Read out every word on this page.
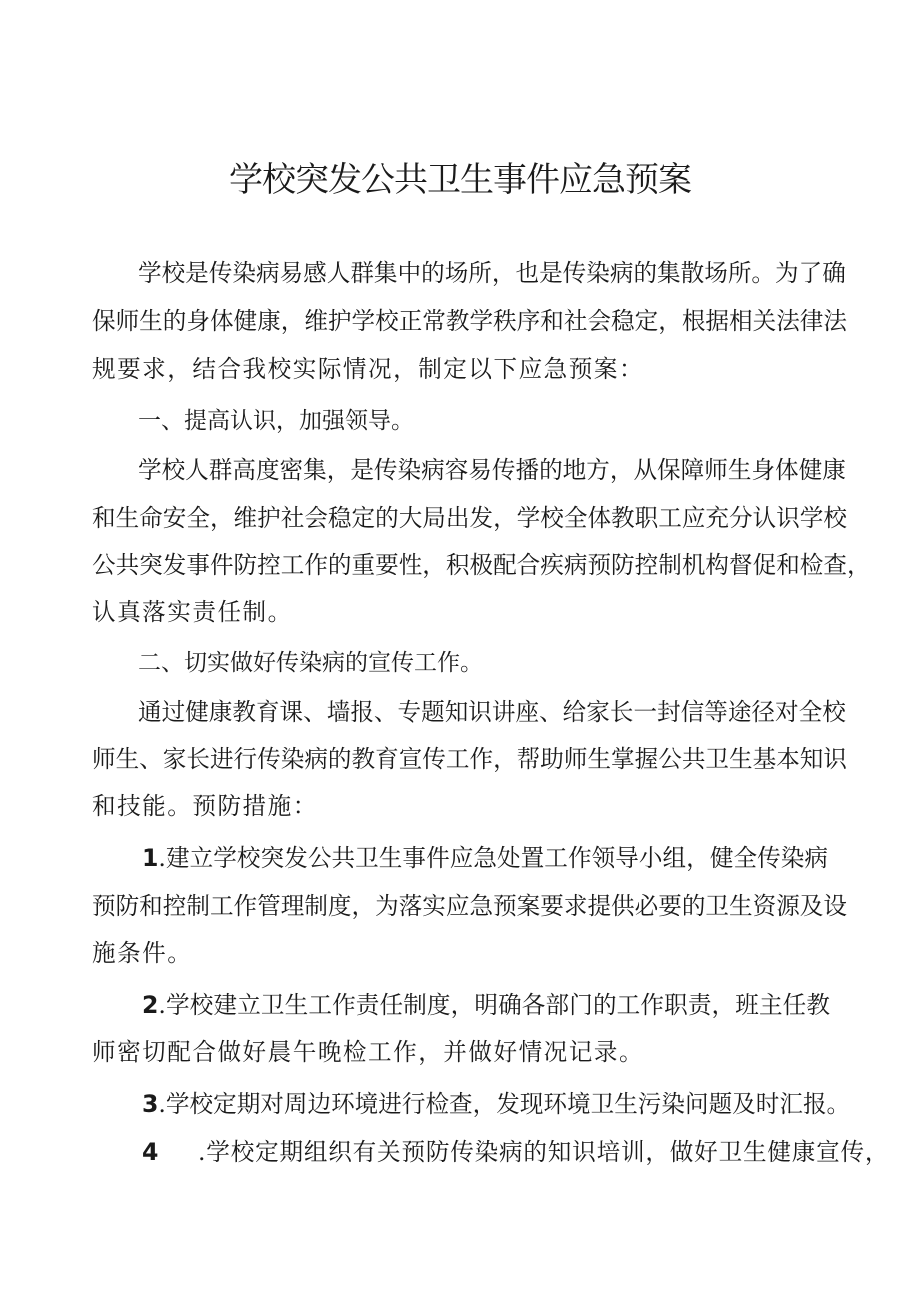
学校突发公共卫生事件应急预案
学校是传染病易感人群集中的场所，也是传染病的集散场所。为了确
保师生的身体健康，维护学校正常教学秩序和社会稳定，根据相关法律法
规要求，结合我校实际情况，制定以下应急预案：
一、提高认识，加强领导。
学校人群高度密集，是传染病容易传播的地方，从保障师生身体健康
和生命安全，维护社会稳定的大局出发，学校全体教职工应充分认识学校
公共突发事件防控工作的重要性，积极配合疾病预防控制机构督促和检查，
认真落实责任制。
二、切实做好传染病的宣传工作。
通过健康教育课、墙报、专题知识讲座、给家长一封信等途径对全校
师生、家长进行传染病的教育宣传工作，帮助师生掌握公共卫生基本知识
和技能。预防措施：
1.建立学校突发公共卫生事件应急处置工作领导小组，健全传染病
预防和控制工作管理制度，为落实应急预案要求提供必要的卫生资源及设
施条件。
2.学校建立卫生工作责任制度，明确各部门的工作职责，班主任教
师密切配合做好晨午晚检工作，并做好情况记录。
3.学校定期对周边环境进行检查，发现环境卫生污染问题及时汇报。
4 .学校定期组织有关预防传染病的知识培训，做好卫生健康宣传，
